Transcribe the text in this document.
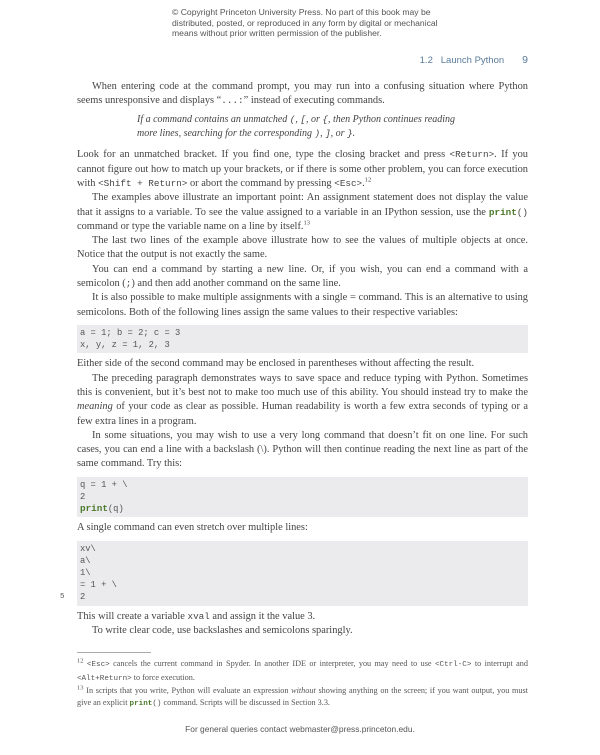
© Copyright Princeton University Press. No part of this book may be
distributed, posted, or reproduced in any form by digital or mechanical
means without prior written permission of the publisher.
1.2   Launch Python 9

When entering code at the command prompt, you may run into a confusing situation where Python seems unresponsive and displays “...:” instead of executing commands.

If a command contains an unmatched (, [, or {, then Python continues reading more lines, searching for the corresponding ), ], or }.

Look for an unmatched bracket. If you find one, type the closing bracket and press <Return>. If you cannot figure out how to match up your brackets, or if there is some other problem, you can force execution with <Shift + Return> or abort the command by pressing <Esc>.$^{12}$

The examples above illustrate an important point: An assignment statement does not display the value that it assigns to a variable. To see the value assigned to a variable in an IPython session, use the print() command or type the variable name on a line by itself.$^{13}$

The last two lines of the example above illustrate how to see the values of multiple objects at once. Notice that the output is not exactly the same.

You can end a command by starting a new line. Or, if you wish, you can end a command with a semicolon (;) and then add another command on the same line.

It is also possible to make multiple assignments with a single = command. This is an alternative to using semicolons. Both of the following lines assign the same values to their respective variables:

a = 1; b = 2; c = 3
x, y, z = 1, 2, 3

Either side of the second command may be enclosed in parentheses without affecting the result.

The preceding paragraph demonstrates ways to save space and reduce typing with Python. Sometimes this is convenient, but it’s best not to make too much use of this ability. You should instead try to make the meaning of your code as clear as possible. Human readability is worth a few extra seconds of typing or a few extra lines in a program.

In some situations, you may wish to use a very long command that doesn’t fit on one line. For such cases, you can end a line with a backslash (\). Python will then continue reading the next line as part of the same command. Try this:

q = 1 + \
2
print(q)

A single command can even stretch over multiple lines:

xv\
a\
1\
= 1 + \
5 2

This will create a variable xval and assign it the value 3.

To write clear code, use backslashes and semicolons sparingly.

$^{12}$ <Esc> cancels the current command in Spyder. In another IDE or interpreter, you may need to use <Ctrl-C> to interrupt and <Alt+Return> to force execution.
$^{13}$ In scripts that you write, Python will evaluate an expression without showing anything on the screen; if you want output, you must give an explicit print() command. Scripts will be discussed in Section 3.3.
For general queries contact webmaster@press.princeton.edu.
